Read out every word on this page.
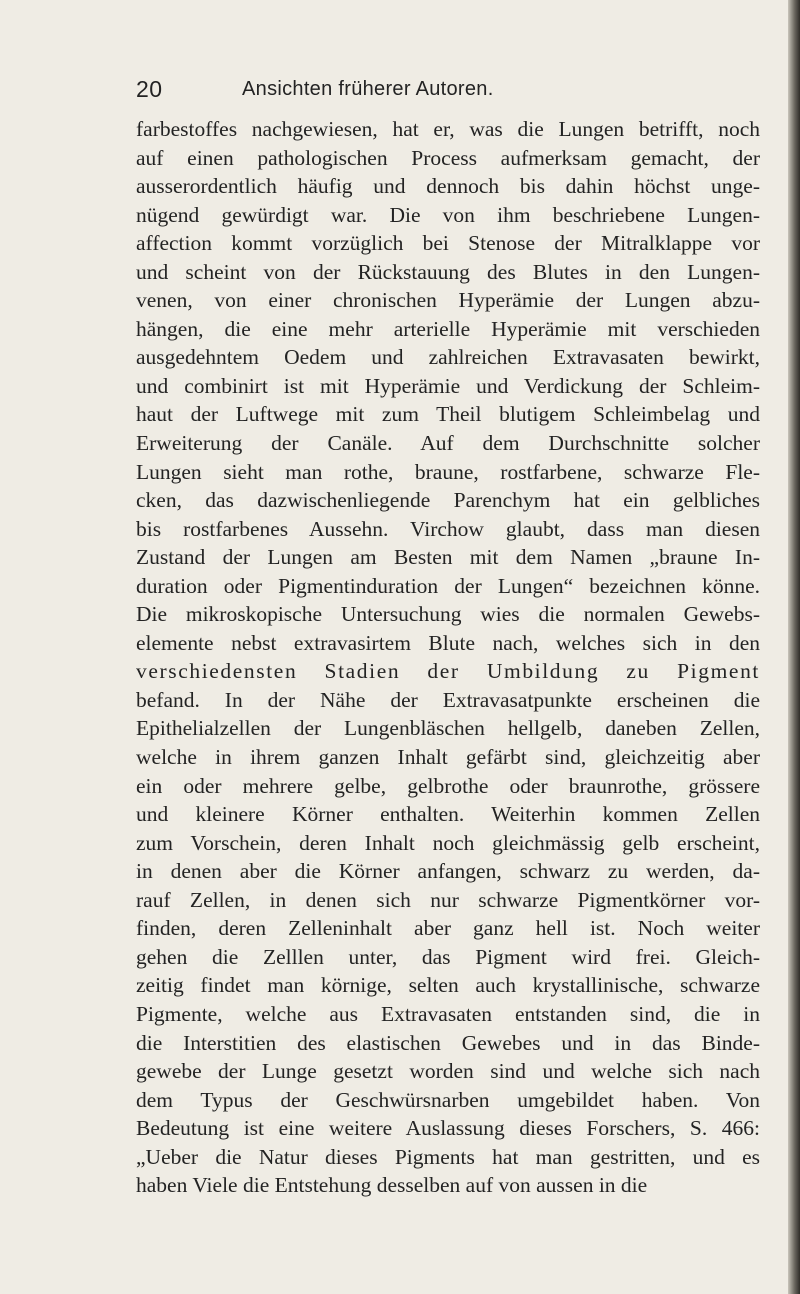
20	Ansichten früherer Autoren.
farbestoffes nachgewiesen, hat er, was die Lungen betrifft, noch
auf einen pathologischen Process aufmerksam gemacht, der
ausserordentlich häufig und dennoch bis dahin höchst unge-
nügend gewürdigt war. Die von ihm beschriebene Lungen-
affection kommt vorzüglich bei Stenose der Mitralklappe vor
und scheint von der Rückstauung des Blutes in den Lungen-
venen, von einer chronischen Hyperämie der Lungen abzu-
hängen, die eine mehr arterielle Hyperämie mit verschieden
ausgedehntem Oedem und zahlreichen Extravasaten bewirkt,
und combinirt ist mit Hyperämie und Verdickung der Schleim-
haut der Luftwege mit zum Theil blutigem Schleimbelag und
Erweiterung der Canäle. Auf dem Durchschnitte solcher
Lungen sieht man rothe, braune, rostfarbene, schwarze Fle-
cken, das dazwischenliegende Parenchym hat ein gelbliches
bis rostfarbenes Aussehn. Virchow glaubt, dass man diesen
Zustand der Lungen am Besten mit dem Namen „braune In-
duration oder Pigmentinduration der Lungen“ bezeichnen könne.
Die mikroskopische Untersuchung wies die normalen Gewebs-
elemente nebst extravasirtem Blute nach, welches sich in den
verschiedensten Stadien der Umbildung zu Pigment
befand. In der Nähe der Extravasatpunkte erscheinen die
Epithelialzellen der Lungenbläschen hellgelb, daneben Zellen,
welche in ihrem ganzen Inhalt gefärbt sind, gleichzeitig aber
ein oder mehrere gelbe, gelbrothe oder braunrothe, grössere
und kleinere Körner enthalten. Weiterhin kommen Zellen
zum Vorschein, deren Inhalt noch gleichmässig gelb erscheint,
in denen aber die Körner anfangen, schwarz zu werden, da-
rauf Zellen, in denen sich nur schwarze Pigmentkörner vor-
finden, deren Zelleninhalt aber ganz hell ist. Noch weiter
gehen die Zelllen unter, das Pigment wird frei. Gleich-
zeitig findet man körnige, selten auch krystallinische, schwarze
Pigmente, welche aus Extravasaten entstanden sind, die in
die Interstitien des elastischen Gewebes und in das Binde-
gewebe der Lunge gesetzt worden sind und welche sich nach
dem Typus der Geschwürsnarben umgebildet haben. Von
Bedeutung ist eine weitere Auslassung dieses Forschers, S. 466:
„Ueber die Natur dieses Pigments hat man gestritten, und es
haben Viele die Entstehung desselben auf von aussen in die
